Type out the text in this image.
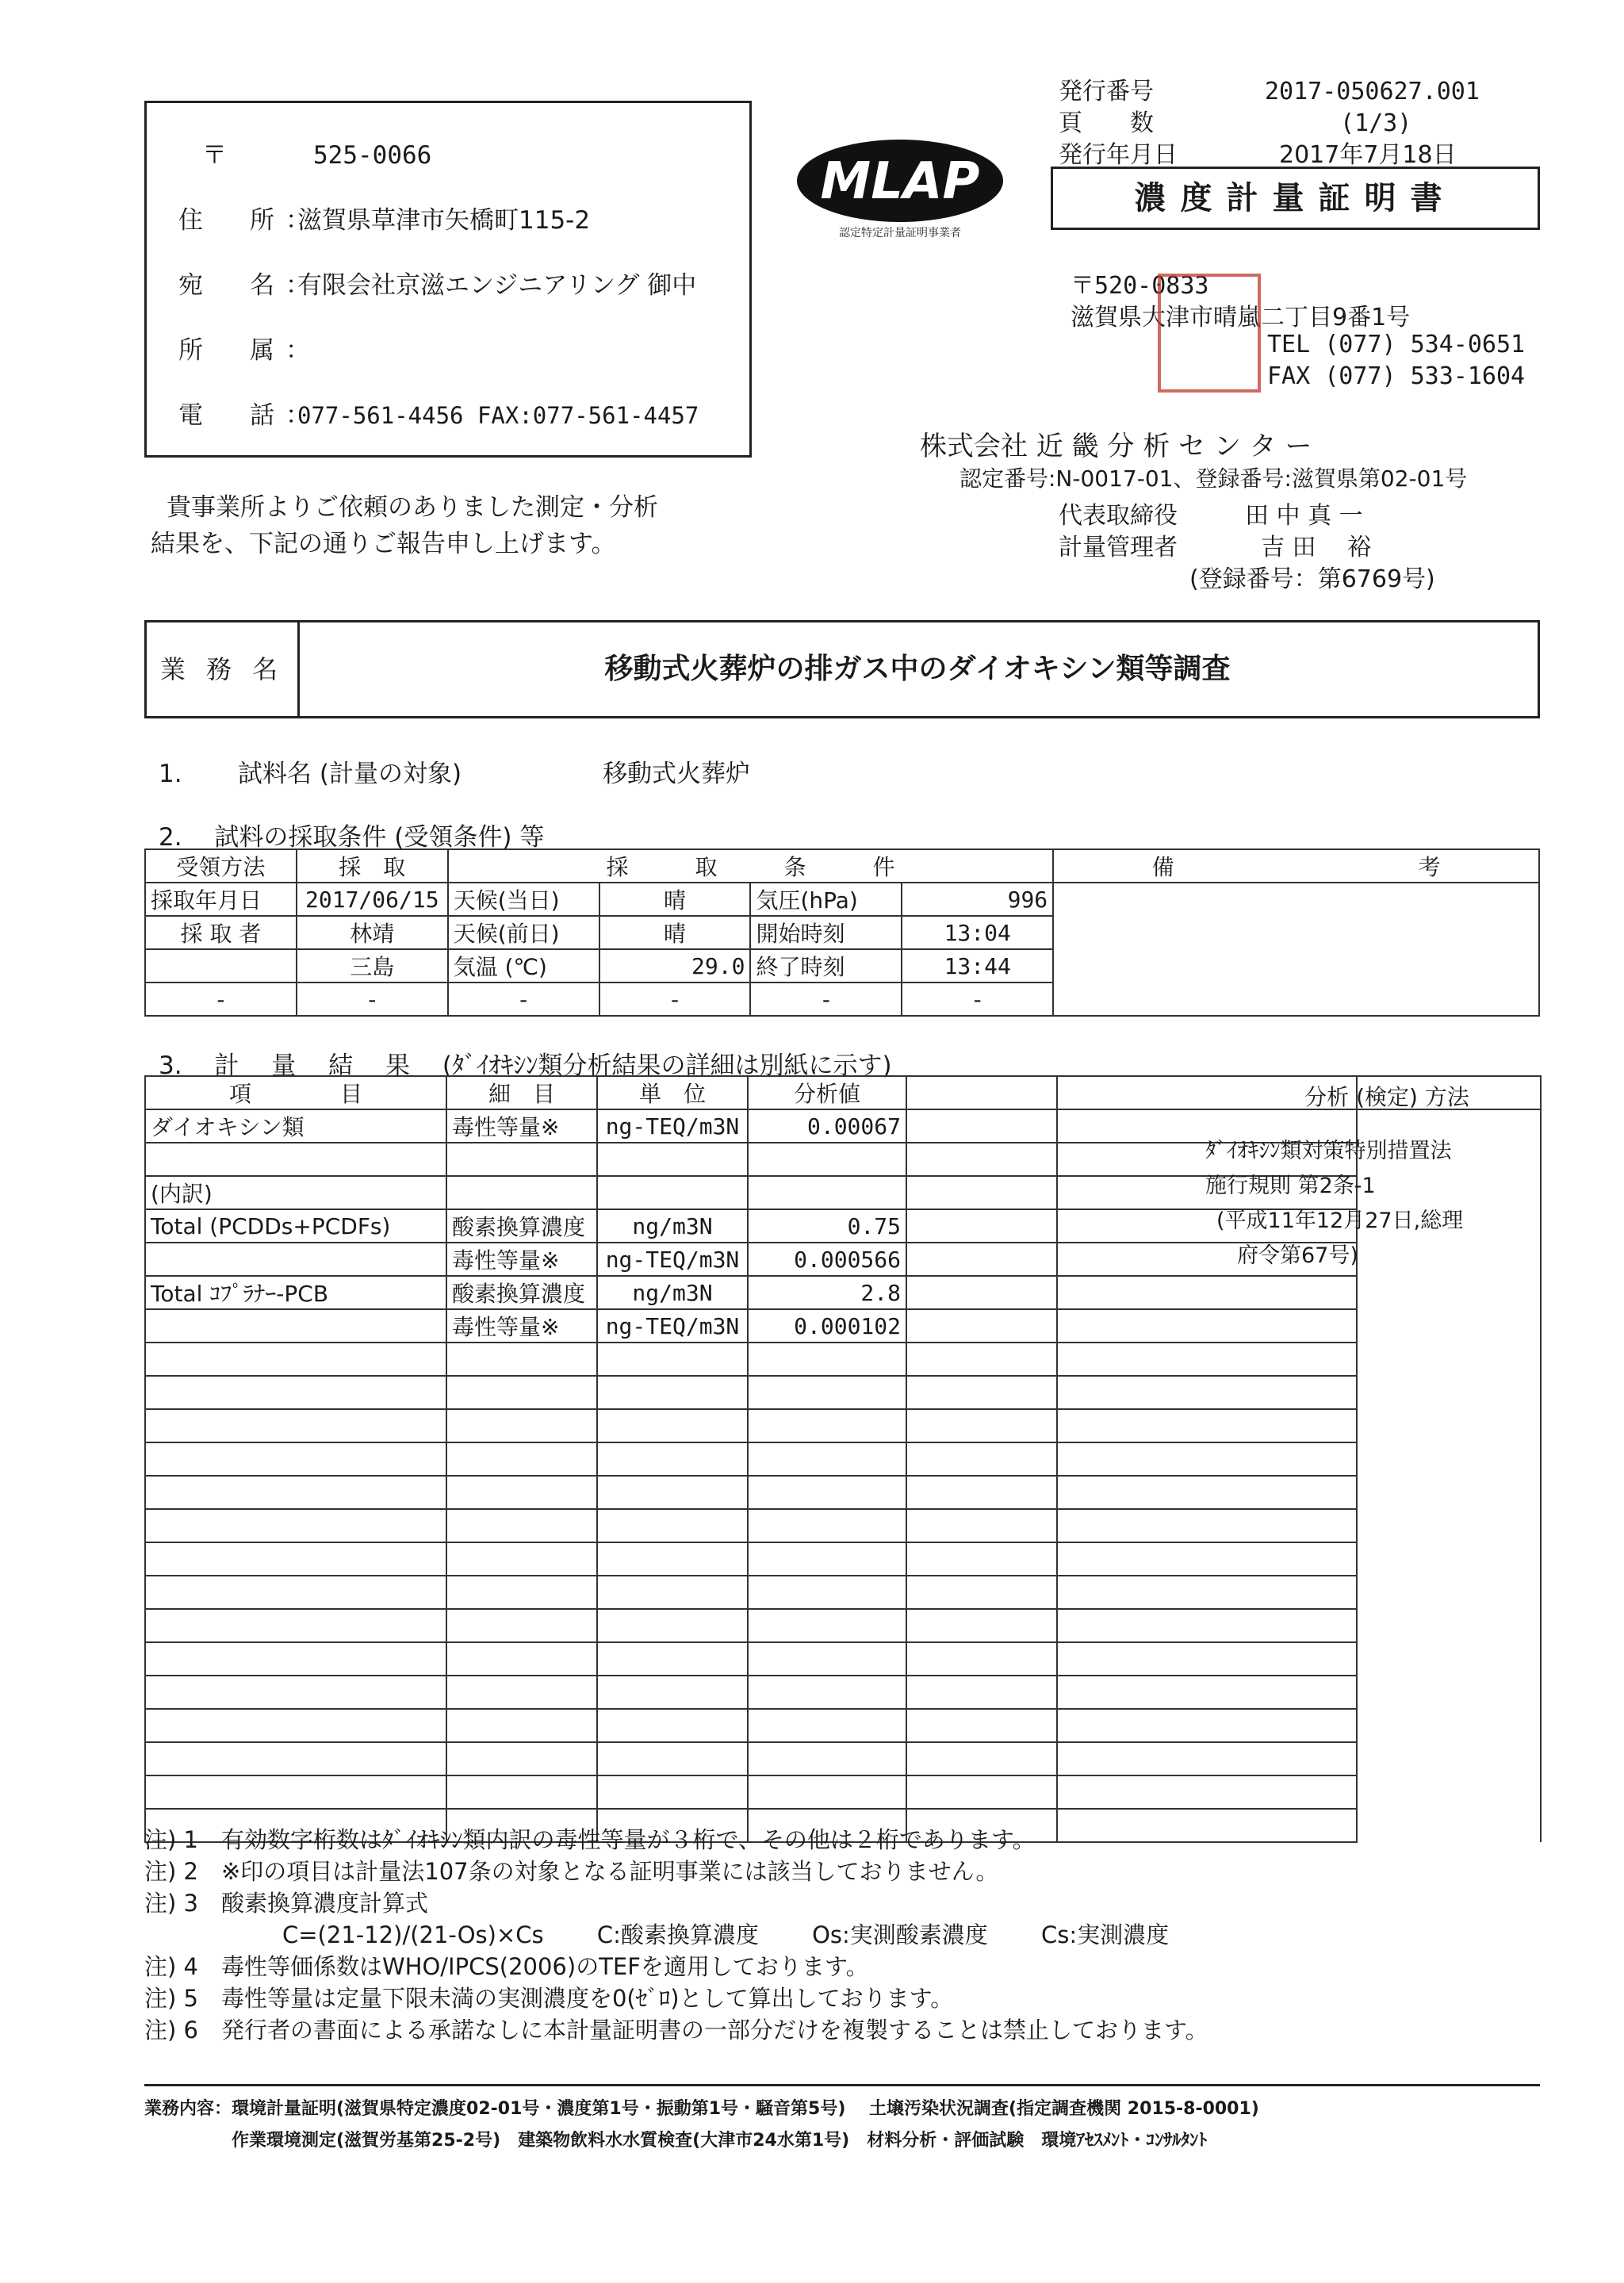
〒	525-0066
住　所：滋賀県草津市矢橋町115-2
宛　名：有限会社京滋エンジニアリング 御中
所　属：
電　話：077-561-4456 FAX:077-561-4457
MLAP
認定特定計量証明事業者
発行番号	2017-050627.001
頁　　数	(1/3)
発行年月日	2017年7月18日
濃度計量証明書
〒520-0833
滋賀県大津市晴嵐二丁目9番1号
TEL (077) 534-0651
FAX (077) 533-1604
株式会社 近 畿 分 析 セ ン タ ー
認定番号:N-0017-01、登録番号:滋賀県第02-01号
代表取締役	田 中 真 一
計量管理者	吉 田　 裕
(登録番号：第6769号)
貴事業所よりご依頼のありました測定・分析
結果を、下記の通りご報告申し上げます。
業 務 名	移動式火葬炉の排ガス中のダイオキシン類等調査
1. 試料名 (計量の対象)	移動式火葬炉
2.　 試料の採取条件 (受領条件) 等
受領方法	採　取	採　　　取　　　条　　　件				備　　　　　　　　　　　考
採取年月日	2017/06/15	天候(当日)	晴	気圧(hPa)	996	
採 取 者	林靖	天候(前日)	晴	開始時刻	13:04	
	三島	気温 (℃)	29.0	終了時刻	13:44	
-	-	-	-	-	-	
3.　 計　 量　 結　 果　 (ﾀﾞｲｵｷｼﾝ類分析結果の詳細は別紙に示す)
項　　　　目	細　目	単　位	分析値			分析 (検定) 方法

ダイオキシン類	毒性等量※	ng-TEQ/m3N	0.00067			

(内訳)						
Total (PCDDs+PCDFs)	酸素換算濃度	ng/m3N	0.75			
	毒性等量※	ng-TEQ/m3N	0.000566			
Total ｺﾌﾟﾗﾅｰ-PCB	酸素換算濃度	ng/m3N	2.8			
	毒性等量※	ng-TEQ/m3N	0.000102			

ﾀﾞｲｵｷｼﾝ類対策特別措置法
施行規則 第2条-1
(平成11年12月27日,総理
府令第67号)
注) 1　有効数字桁数はﾀﾞｲｵｷｼﾝ類内訳の毒性等量が３桁で、その他は２桁であります。
注) 2　※印の項目は計量法107条の対象となる証明事業には該当しておりません。
注) 3　酸素換算濃度計算式
　　　　　　C=(21-12)/(21-Os)×Cs　　 C:酸素換算濃度　　 Os:実測酸素濃度　　 Cs:実測濃度
注) 4　毒性等価係数はWHO/IPCS(2006)のTEFを適用しております。
注) 5　毒性等量は定量下限未満の実測濃度を0(ｾﾞﾛ)として算出しております。
注) 6　発行者の書面による承諾なしに本計量証明書の一部分だけを複製することは禁止しております。
業務内容：環境計量証明(滋賀県特定濃度02-01号・濃度第1号・振動第1号・騒音第5号)　 土壌汚染状況調査(指定調査機関 2015-8-0001)
　　　　　作業環境測定(滋賀労基第25-2号)　建築物飲料水水質検査(大津市24水第1号)　材料分析・評価試験　環境ｱｾｽﾒﾝﾄ・ｺﾝｻﾙﾀﾝﾄ
